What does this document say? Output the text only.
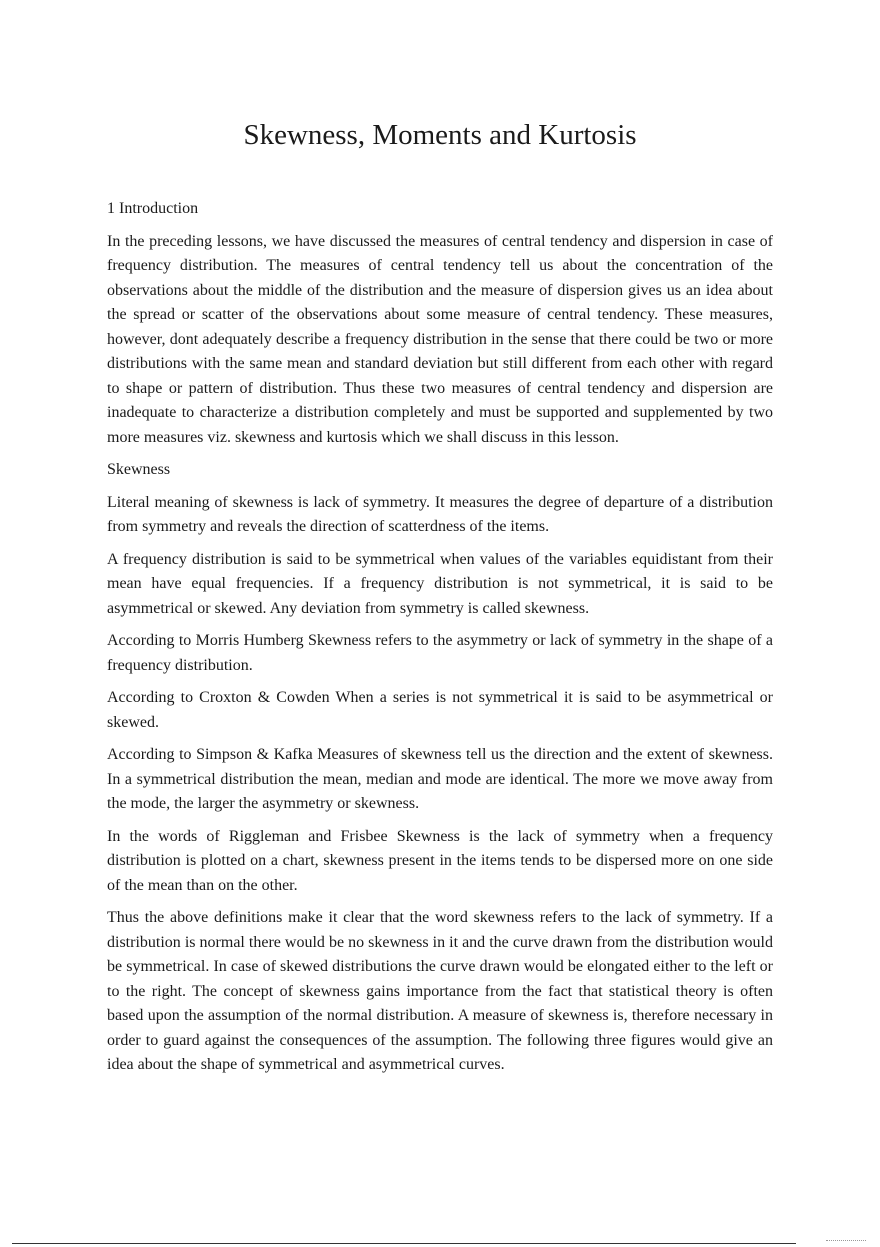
Skewness, Moments and Kurtosis
1 Introduction

In the preceding lessons, we have discussed the measures of central tendency and dispersion in case of frequency distribution. The measures of central tendency tell us about the concentration of the observations about the middle of the distribution and the measure of dispersion gives us an idea about the spread or scatter of the observations about some measure of central tendency. These measures, however, dont adequately describe a frequency distribution in the sense that there could be two or more distributions with the same mean and standard deviation but still different from each other with regard to shape or pattern of distribution. Thus these two measures of central tendency and dispersion are inadequate to characterize a distribution completely and must be supported and supplemented by two more measures viz. skewness and kurtosis which we shall discuss in this lesson.

Skewness

Literal meaning of skewness is lack of symmetry. It measures the degree of departure of a distribution from symmetry and reveals the direction of scatterdness of the items.

A frequency distribution is said to be symmetrical when values of the variables equidistant from their mean have equal frequencies. If a frequency distribution is not symmetrical, it is said to be asymmetrical or skewed. Any deviation from symmetry is called skewness.

According to Morris Humberg Skewness refers to the asymmetry or lack of symmetry in the shape of a frequency distribution.

According to Croxton & Cowden When a series is not symmetrical it is said to be asymmetrical or skewed.

According to Simpson & Kafka Measures of skewness tell us the direction and the extent of skewness. In a symmetrical distribution the mean, median and mode are identical. The more we move away from the mode, the larger the asymmetry or skewness.

In the words of Riggleman and Frisbee Skewness is the lack of symmetry when a frequency distribution is plotted on a chart, skewness present in the items tends to be dispersed more on one side of the mean than on the other.

Thus the above definitions make it clear that the word skewness refers to the lack of symmetry. If a distribution is normal there would be no skewness in it and the curve drawn from the distribution would be symmetrical. In case of skewed distributions the curve drawn would be elongated either to the left or to the right. The concept of skewness gains importance from the fact that statistical theory is often based upon the assumption of the normal distribution. A measure of skewness is, therefore necessary in order to guard against the consequences of the assumption. The following three figures would give an idea about the shape of symmetrical and asymmetrical curves.
